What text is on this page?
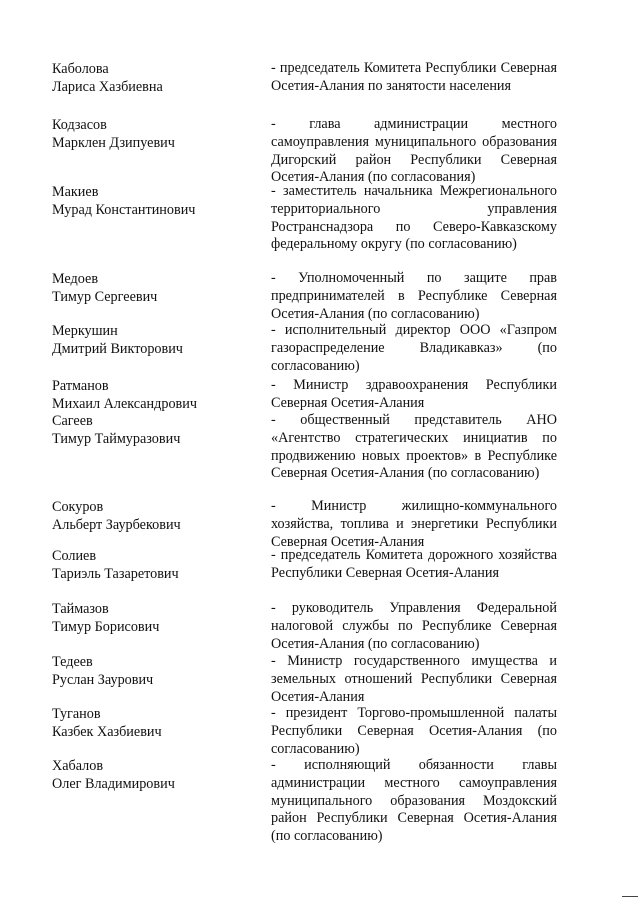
Каболова
Лариса Хазбиевна
- председатель Комитета Республики Северная Осетия-Алания по занятости населения
Кодзасов
Марклен Дзипуевич
- глава администрации местного самоуправления муниципального образования Дигорский район Республики Северная Осетия-Алания (по согласования)
Макиев
Мурад Константинович
- заместитель начальника Межрегионального территориального управления Ространснадзора по Северо-Кавказскому федеральному округу (по согласованию)
Медоев
Тимур Сергеевич
- Уполномоченный по защите прав предпринимателей в Республике Северная Осетия-Алания (по согласованию)
Меркушин
Дмитрий Викторович
- исполнительный директор ООО «Газпром газораспределение Владикавказ» (по согласованию)
Ратманов
Михаил Александрович
- Министр здравоохранения Республики Северная Осетия-Алания
Сагеев
Тимур Таймуразович
- общественный представитель АНО «Агентство стратегических инициатив по продвижению новых проектов» в Республике Северная Осетия-Алания (по согласованию)
Сокуров
Альберт Заурбекович
- Министр жилищно-коммунального хозяйства, топлива и энергетики Республики Северная Осетия-Алания
Солиев
Тариэль Тазаретович
- председатель Комитета дорожного хозяйства Республики Северная Осетия-Алания
Таймазов
Тимур Борисович
- руководитель Управления Федеральной налоговой службы по Республике Северная Осетия-Алания (по согласованию)
Тедеев
Руслан Заурович
- Министр государственного имущества и земельных отношений Республики Северная Осетия-Алания
Туганов
Казбек Хазбиевич
- президент Торгово-промышленной палаты Республики Северная Осетия-Алания (по согласованию)
Хабалов
Олег Владимирович
- исполняющий обязанности главы администрации местного самоуправления муниципального образования Моздокский район Республики Северная Осетия-Алания (по согласованию)
